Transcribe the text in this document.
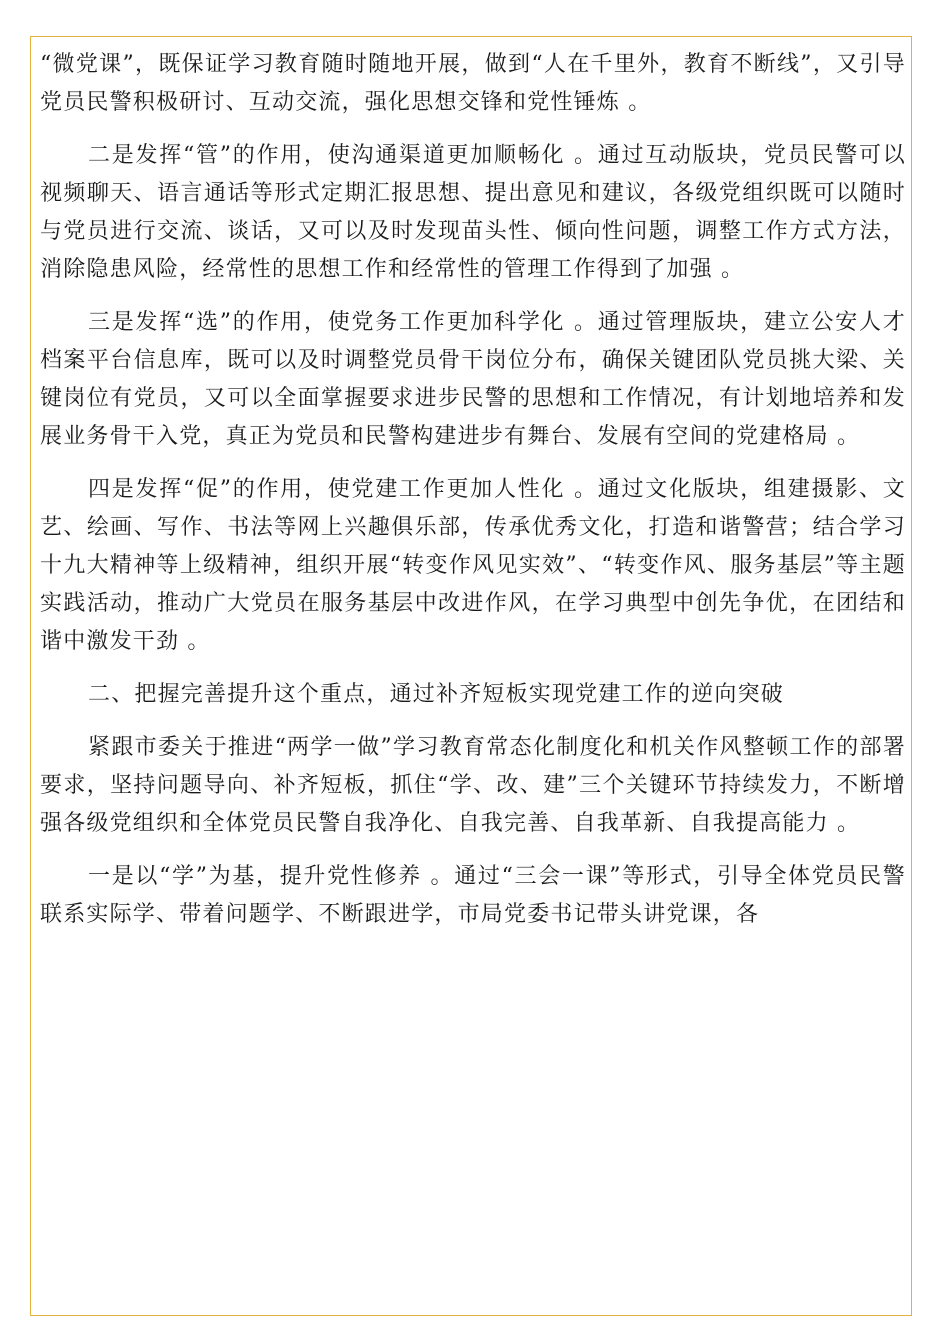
“微党课”，既保证学习教育随时随地开展，做到“人在千里外，教育不断线”，又引导党员民警积极研讨、互动交流，强化思想交锋和党性锤炼 。

二是发挥“管”的作用，使沟通渠道更加顺畅化 。通过互动版块，党员民警可以视频聊天、语言通话等形式定期汇报思想、提出意见和建议，各级党组织既可以随时与党员进行交流、谈话，又可以及时发现苗头性、倾向性问题，调整工作方式方法，消除隐患风险，经常性的思想工作和经常性的管理工作得到了加强 。

三是发挥“选”的作用，使党务工作更加科学化 。通过管理版块，建立公安人才档案平台信息库，既可以及时调整党员骨干岗位分布，确保关键团队党员挑大梁、关键岗位有党员，又可以全面掌握要求进步民警的思想和工作情况，有计划地培养和发展业务骨干入党，真正为党员和民警构建进步有舞台、发展有空间的党建格局 。

四是发挥“促”的作用，使党建工作更加人性化 。通过文化版块，组建摄影、文艺、绘画、写作、书法等网上兴趣俱乐部，传承优秀文化，打造和谐警营；结合学习十九大精神等上级精神，组织开展“转变作风见实效”、“转变作风、服务基层”等主题实践活动，推动广大党员在服务基层中改进作风，在学习典型中创先争优，在团结和谐中激发干劲 。

二、把握完善提升这个重点，通过补齐短板实现党建工作的逆向突破

紧跟市委关于推进“两学一做”学习教育常态化制度化和机关作风整顿工作的部署要求，坚持问题导向、补齐短板，抓住“学、改、建”三个关键环节持续发力，不断增强各级党组织和全体党员民警自我净化、自我完善、自我革新、自我提高能力 。

一是以“学”为基，提升党性修养 。通过“三会一课”等形式，引导全体党员民警联系实际学、带着问题学、不断跟进学，市局党委书记带头讲党课，各
